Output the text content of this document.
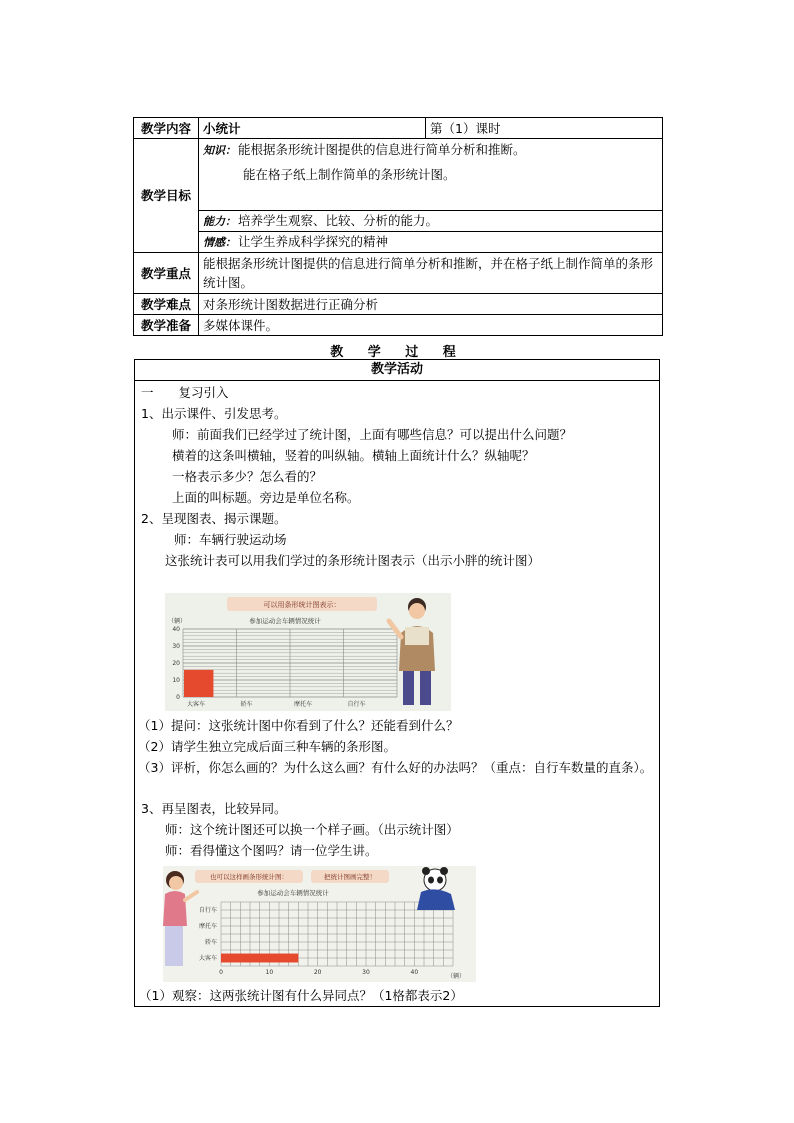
教学内容	小统计	第（1）课时
教学目标	知识： 能根据条形统计图提供的信息进行简单分析和推断。
能在格子纸上制作简单的条形统计图。	

	能力： 培养学生观察、比较、分析的能力。	
	情感： 让学生养成科学探究的精神	
教学重点	能根据条形统计图提供的信息进行简单分析和推断，并在格子纸上制作简单的条形统计图。	
教学难点	对条形统计图数据进行正确分析	
教学准备	多媒体课件。	
教 学 过 程
教学活动
一　　复习引入
1、出示课件、引发思考。
师：前面我们已经学过了统计图，上面有哪些信息？可以提出什么问题？
横着的这条叫横轴，竖着的叫纵轴。横轴上面统计什么？纵轴呢？
一格表示多少？怎么看的？
上面的叫标题。旁边是单位名称。
2、呈现图表、揭示课题。
师：车辆行驶运动场
这张统计表可以用我们学过的条形统计图表示（出示小胖的统计图）
可以用条形统计图表示：
参加运动会车辆情况统计
（辆）
40
30
20
10
0
大客车	轿车	摩托车	自行车
（1）提问：这张统计图中你看到了什么？还能看到什么？
（2）请学生独立完成后面三种车辆的条形图。
（3）评析，你怎么画的？为什么这么画？有什么好的办法吗？（重点：自行车数量的直条）。
3、再呈图表，比较异同。
师：这个统计图还可以换一个样子画。（出示统计图）
师：看得懂这个图吗？请一位学生讲。
也可以这样画条形统计图：	把统计图画完整！
参加运动会车辆情况统计
（辆）
0	10	20	30	40
自行车
摩托车
轿车
大客车
（1）观察：这两张统计图有什么异同点？（1格都表示2）
